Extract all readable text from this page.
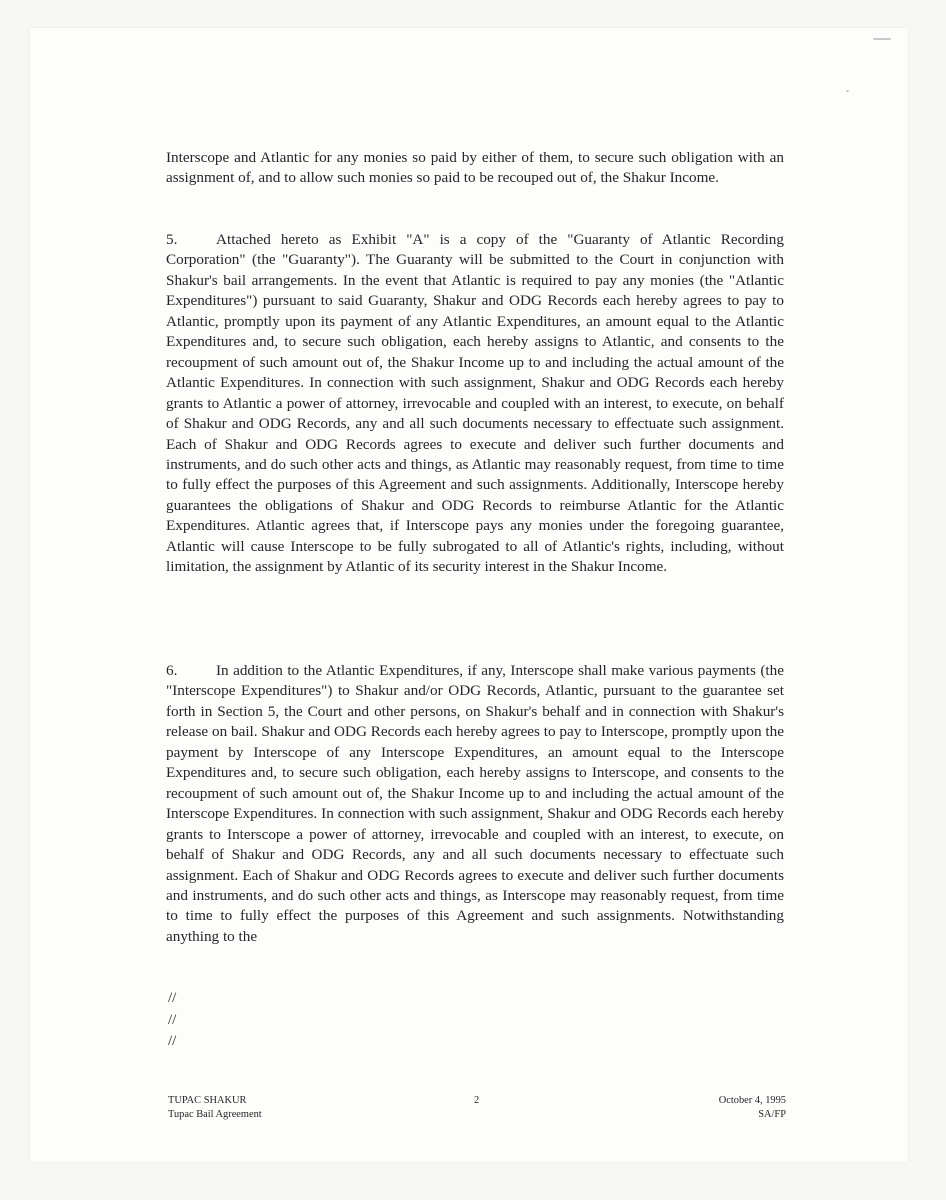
Interscope and Atlantic for any monies so paid by either of them, to secure such obligation with an assignment of, and to allow such monies so paid to be recouped out of, the Shakur Income.

5.	Attached hereto as Exhibit "A" is a copy of the "Guaranty of Atlantic Recording Corporation" (the "Guaranty"). The Guaranty will be submitted to the Court in conjunction with Shakur's bail arrangements. In the event that Atlantic is required to pay any monies (the "Atlantic Expenditures") pursuant to said Guaranty, Shakur and ODG Records each hereby agrees to pay to Atlantic, promptly upon its payment of any Atlantic Expenditures, an amount equal to the Atlantic Expenditures and, to secure such obligation, each hereby assigns to Atlantic, and consents to the recoupment of such amount out of, the Shakur Income up to and including the actual amount of the Atlantic Expenditures. In connection with such assignment, Shakur and ODG Records each hereby grants to Atlantic a power of attorney, irrevocable and coupled with an interest, to execute, on behalf of Shakur and ODG Records, any and all such documents necessary to effectuate such assignment. Each of Shakur and ODG Records agrees to execute and deliver such further documents and instruments, and do such other acts and things, as Atlantic may reasonably request, from time to time to fully effect the purposes of this Agreement and such assignments. Additionally, Interscope hereby guarantees the obligations of Shakur and ODG Records to reimburse Atlantic for the Atlantic Expenditures. Atlantic agrees that, if Interscope pays any monies under the foregoing guarantee, Atlantic will cause Interscope to be fully subrogated to all of Atlantic's rights, including, without limitation, the assignment by Atlantic of its security interest in the Shakur Income.

6.	In addition to the Atlantic Expenditures, if any, Interscope shall make various payments (the "Interscope Expenditures") to Shakur and/or ODG Records, Atlantic, pursuant to the guarantee set forth in Section 5, the Court and other persons, on Shakur's behalf and in connection with Shakur's release on bail. Shakur and ODG Records each hereby agrees to pay to Interscope, promptly upon the payment by Interscope of any Interscope Expenditures, an amount equal to the Interscope Expenditures and, to secure such obligation, each hereby assigns to Interscope, and consents to the recoupment of such amount out of, the Shakur Income up to and including the actual amount of the Interscope Expenditures. In connection with such assignment, Shakur and ODG Records each hereby grants to Interscope a power of attorney, irrevocable and coupled with an interest, to execute, on behalf of Shakur and ODG Records, any and all such documents necessary to effectuate such assignment. Each of Shakur and ODG Records agrees to execute and deliver such further documents and instruments, and do such other acts and things, as Interscope may reasonably request, from time to time to fully effect the purposes of this Agreement and such assignments. Notwithstanding anything to the

//
//
//
TUPAC SHAKUR
Tupac Bail Agreement
2	October 4, 1995
SA/FP
